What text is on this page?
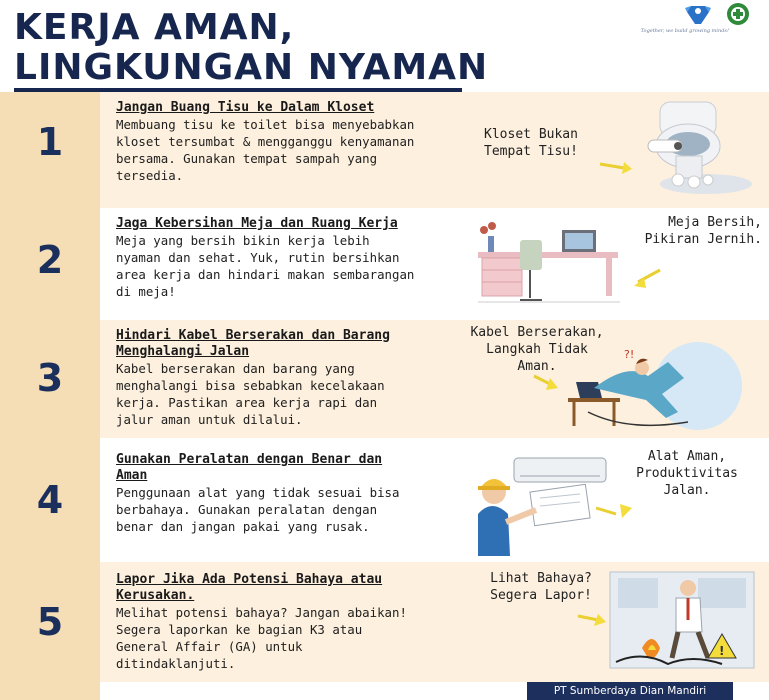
KERJA AMAN,
LINGKUNGAN NYAMAN
Together, we build growing minds!
1

Jangan Buang Tisu ke Dalam Kloset

Membuang tisu ke toilet bisa menyebabkan kloset tersumbat & mengganggu kenyamanan bersama. Gunakan tempat sampah yang tersedia.

Kloset Bukan
Tempat Tisu!
2

Jaga Kebersihan Meja dan Ruang Kerja

Meja yang bersih bikin kerja lebih nyaman dan sehat. Yuk, rutin bersihkan area kerja dan hindari makan sembarangan di meja!

Meja Bersih,
Pikiran Jernih.
3

Hindari Kabel Berserakan dan Barang Menghalangi Jalan

Kabel berserakan dan barang yang menghalangi bisa sebabkan kecelakaan kerja. Pastikan area kerja rapi dan jalur aman untuk dilalui.

Kabel Berserakan,
Langkah Tidak
Aman.
?!
4

Gunakan Peralatan dengan Benar dan Aman

Penggunaan alat yang tidak sesuai bisa berbahaya. Gunakan peralatan dengan benar dan jangan pakai yang rusak.

Alat Aman,
Produktivitas
Jalan.
5

Lapor Jika Ada Potensi Bahaya atau Kerusakan.

Melihat potensi bahaya? Jangan abaikan! Segera laporkan ke bagian K3 atau General Affair (GA) untuk ditindaklanjuti.

Lihat Bahaya?
Segera Lapor!
!
PT Sumberdaya Dian Mandiri
